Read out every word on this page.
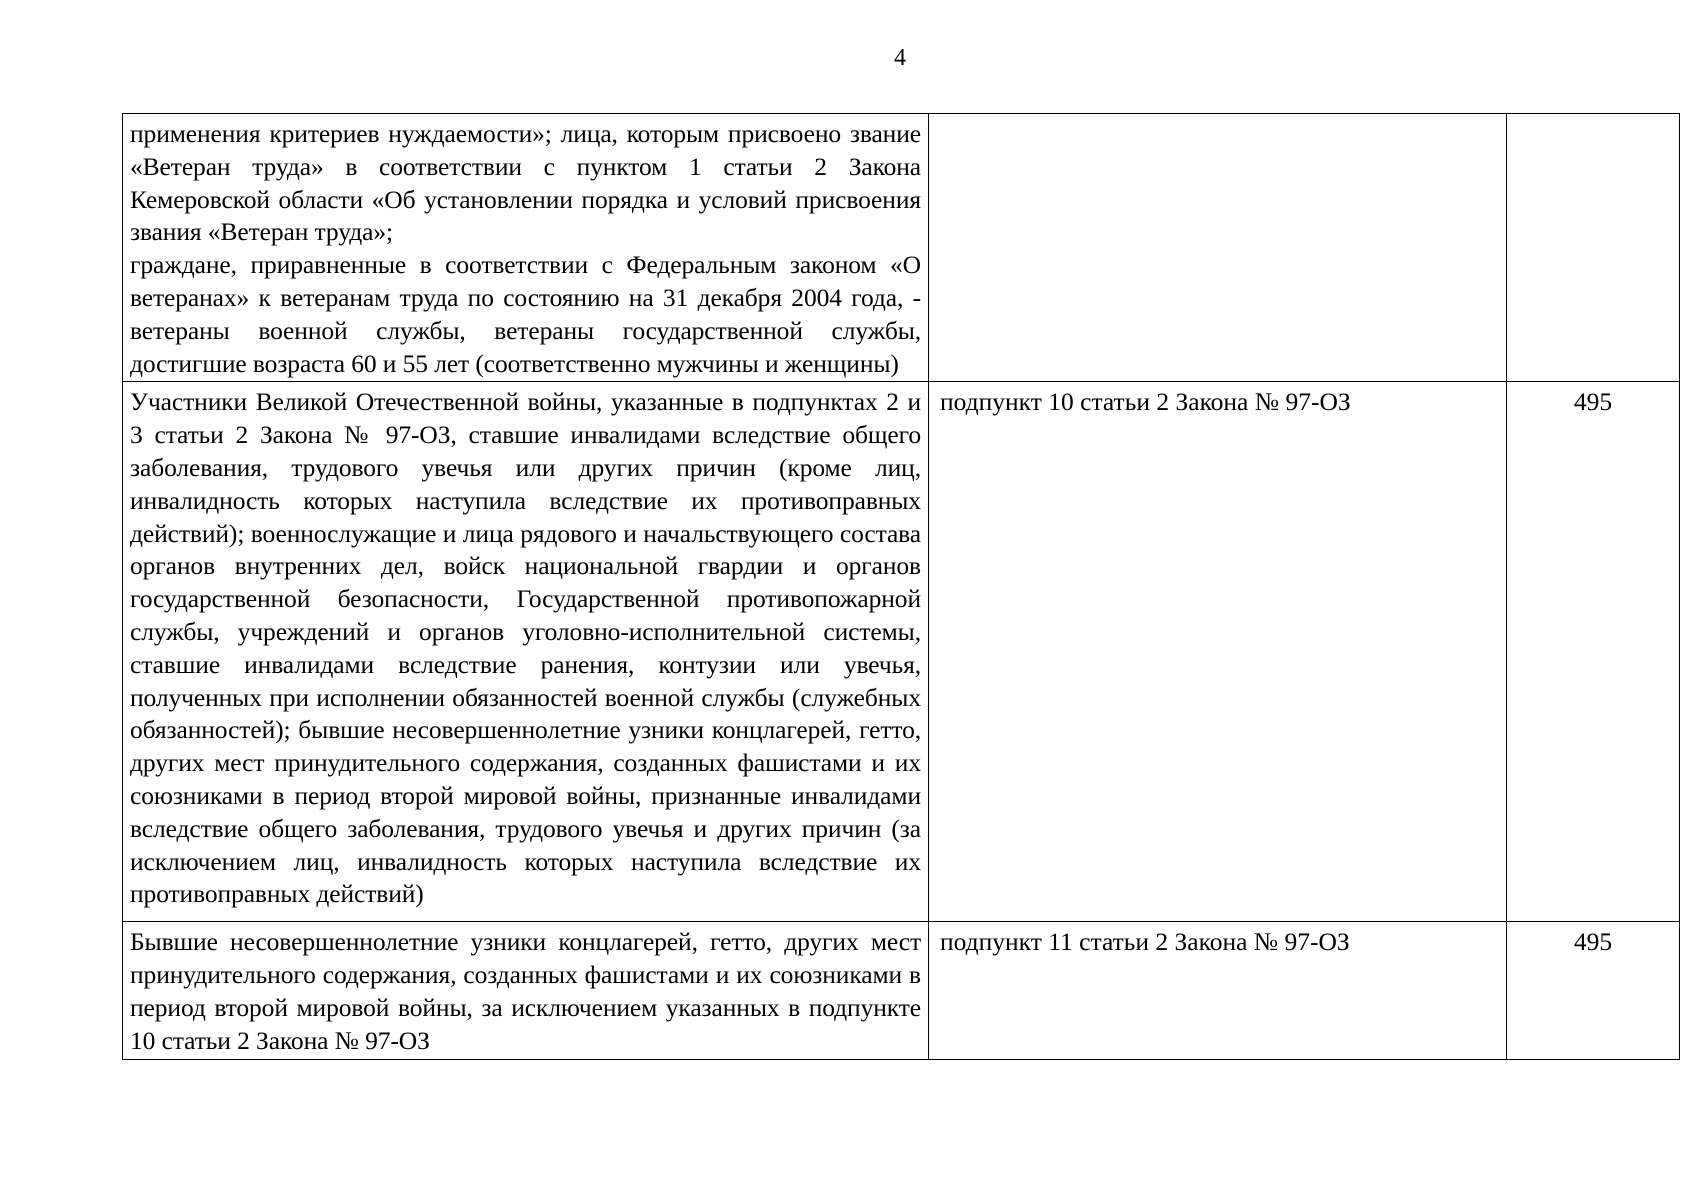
4

применения критериев нуждаемости»; лица, которым присвоено звание «Ветеран труда» в соответствии с пунктом 1 статьи 2 Закона Кемеровской области «Об установлении порядка и условий присвоения звания «Ветеран труда»;

граждане, приравненные в соответствии с Федеральным законом «О ветеранах» к ветеранам труда по состоянию на 31 декабря 2004 года, - ветераны военной службы, ветераны государственной службы, достигшие возраста 60 и 55 лет (соответственно мужчины и женщины)		

Участники Великой Отечественной войны, указанные в подпунктах 2 и 3 статьи 2 Закона № 97-ОЗ, ставшие инвалидами вследствие общего заболевания, трудового увечья или других причин (кроме лиц, инвалидность которых наступила вследствие их противоправных действий); военнослужащие и лица рядового и начальствующего состава органов внутренних дел, войск национальной гвардии и органов государственной безопасности, Государственной противопожарной службы, учреждений и органов уголовно-исполнительной системы, ставшие инвалидами вследствие ранения, контузии или увечья, полученных при исполнении обязанностей военной службы (служебных обязанностей); бывшие несовершеннолетние узники концлагерей, гетто, других мест принудительного содержания, созданных фашистами и их союзниками в период второй мировой войны, признанные инвалидами вследствие общего заболевания, трудового увечья и других причин (за исключением лиц, инвалидность которых наступила вследствие их противоправных действий)	подпункт 10 статьи 2 Закона № 97-ОЗ	495

Бывшие несовершеннолетние узники концлагерей, гетто, других мест принудительного содержания, созданных фашистами и их союзниками в период второй мировой войны, за исключением указанных в подпункте 10 статьи 2 Закона № 97-ОЗ	подпункт 11 статьи 2 Закона № 97-ОЗ	495
